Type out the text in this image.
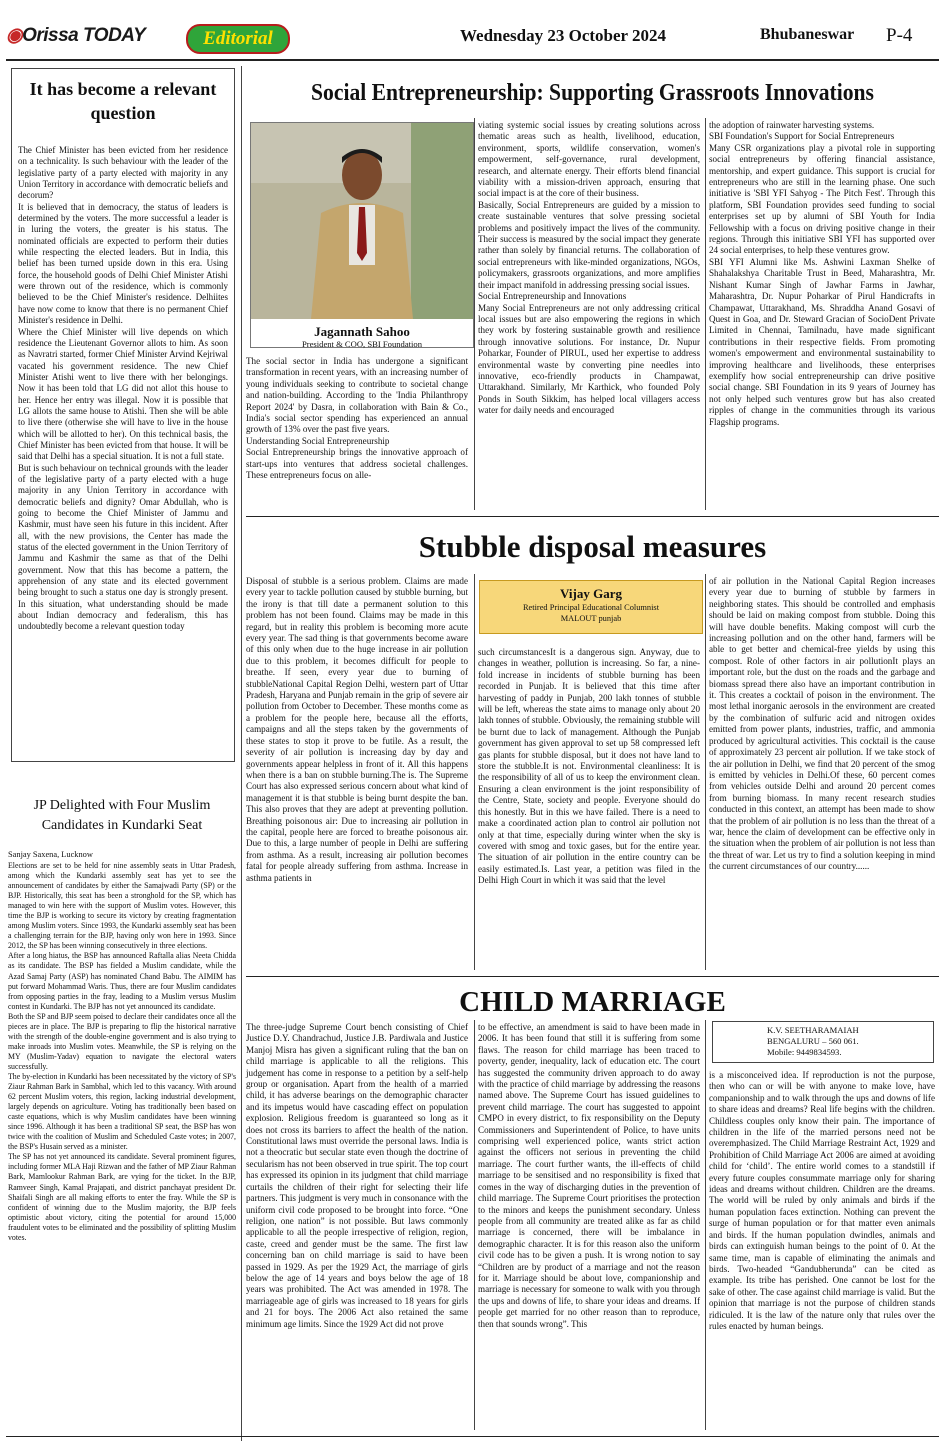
◉Orissa TODAY	Editorial	Wednesday 23 October 2024	Bhubaneswar P-4
It has become a relevant question
The Chief Minister has been evicted from her residence on a technicality. Is such behaviour with the leader of the legislative party of a party elected with majority in any Union Territory in accordance with democratic beliefs and decorum?
It is believed that in democracy, the status of leaders is determined by the voters. The more successful a leader is in luring the voters, the greater is his status. The nominated officials are expected to perform their duties while respecting the elected leaders. But in India, this belief has been turned upside down in this era. Using force, the household goods of Delhi Chief Minister Atishi were thrown out of the residence, which is commonly believed to be the Chief Minister's residence. Delhiites have now come to know that there is no permanent Chief Minister's residence in Delhi.
Where the Chief Minister will live depends on which residence the Lieutenant Governor allots to him. As soon as Navratri started, former Chief Minister Arvind Kejriwal vacated his government residence. The new Chief Minister Atishi went to live there with her belongings. Now it has been told that LG did not allot this house to her. Hence her entry was illegal. Now it is possible that LG allots the same house to Atishi. Then she will be able to live there (otherwise she will have to live in the house which will be allotted to her). On this technical basis, the Chief Minister has been evicted from that house. It will be said that Delhi has a special situation. It is not a full state.
But is such behaviour on technical grounds with the leader of the legislative party of a party elected with a huge majority in any Union Territory in accordance with democratic beliefs and dignity? Omar Abdullah, who is going to become the Chief Minister of Jammu and Kashmir, must have seen his future in this incident. After all, with the new provisions, the Center has made the status of the elected government in the Union Territory of Jammu and Kashmir the same as that of the Delhi government. Now that this has become a pattern, the apprehension of any state and its elected government being brought to such a status one day is strongly present. In this situation, what understanding should be made about Indian democracy and federalism, this has undoubtedly become a relevant question today
JP Delighted with Four Muslim Candidates in Kundarki Seat
Sanjay Saxena, Lucknow
Elections are set to be held for nine assembly seats in Uttar Pradesh, among which the Kundarki assembly seat has yet to see the announcement of candidates by either the Samajwadi Party (SP) or the BJP. Historically, this seat has been a stronghold for the SP, which has managed to win here with the support of Muslim votes. However, this time the BJP is working to secure its victory by creating fragmentation among Muslim voters. Since 1993, the Kundarki assembly seat has been a challenging terrain for the BJP, having only won here in 1993. Since 2012, the SP has been winning consecutively in three elections.
After a long hiatus, the BSP has announced Raftalla alias Neeta Chidda as its candidate. The BSP has fielded a Muslim candidate, while the Azad Samaj Party (ASP) has nominated Chand Babu. The AIMIM has put forward Mohammad Waris. Thus, there are four Muslim candidates from opposing parties in the fray, leading to a Muslim versus Muslim contest in Kundarki. The BJP has not yet announced its candidate.
Both the SP and BJP seem poised to declare their candidates once all the pieces are in place. The BJP is preparing to flip the historical narrative with the strength of the double-engine government and is also trying to make inroads into Muslim votes. Meanwhile, the SP is relying on the MY (Muslim-Yadav) equation to navigate the electoral waters successfully.
The by-election in Kundarki has been necessitated by the victory of SP's Ziaur Rahman Bark in Sambhal, which led to this vacancy. With around 62 percent Muslim voters, this region, lacking industrial development, largely depends on agriculture. Voting has traditionally been based on caste equations, which is why Muslim candidates have been winning since 1996. Although it has been a traditional SP seat, the BSP has won twice with the coalition of Muslim and Scheduled Caste votes; in 2007, the BSP's Husain served as a minister.
The SP has not yet announced its candidate. Several prominent figures, including former MLA Haji Rizwan and the father of MP Ziaur Rahman Bark, Mamlookur Rahman Bark, are vying for the ticket. In the BJP, Ramveer Singh, Kamal Prajapati, and district panchayat president Dr. Shaifali Singh are all making efforts to enter the fray. While the SP is confident of winning due to the Muslim majority, the BJP feels optimistic about victory, citing the potential for around 15,000 fraudulent votes to be eliminated and the possibility of splitting Muslim votes.
Social Entrepreneurship: Supporting Grassroots Innovations
Jagannath Sahoo
President & COO, SBI Foundation
The social sector in India has undergone a significant transformation in recent years, with an increasing number of young individuals seeking to contribute to societal change and nation-building. According to the 'India Philanthropy Report 2024' by Dasra, in collaboration with Bain & Co., India's social sector spending has experienced an annual growth of 13% over the past five years.
Understanding Social Entrepreneurship
Social Entrepreneurship brings the innovative approach of start-ups into ventures that address societal challenges. These entrepreneurs focus on alle-
viating systemic social issues by creating solutions across thematic areas such as health, livelihood, education, environment, sports, wildlife conservation, women's empowerment, self-governance, rural development, research, and alternate energy. Their efforts blend financial viability with a mission-driven approach, ensuring that social impact is at the core of their business.
Basically, Social Entrepreneurs are guided by a mission to create sustainable ventures that solve pressing societal problems and positively impact the lives of the community. Their success is measured by the social impact they generate rather than solely by financial returns. The collaboration of social entrepreneurs with like-minded organizations, NGOs, policymakers, grassroots organizations, and more amplifies their impact manifold in addressing pressing social issues.
Social Entrepreneurship and Innovations
Many Social Entrepreneurs are not only addressing critical local issues but are also empowering the regions in which they work by fostering sustainable growth and resilience through innovative solutions. For instance, Dr. Nupur Poharkar, Founder of PIRUL, used her expertise to address environmental waste by converting pine needles into innovative, eco-friendly products in Champawat, Uttarakhand. Similarly, Mr Karthick, who founded Poly Ponds in South Sikkim, has helped local villagers access water for daily needs and encouraged
the adoption of rainwater harvesting systems.
SBI Foundation's Support for Social Entrepreneurs
Many CSR organizations play a pivotal role in supporting social entrepreneurs by offering financial assistance, mentorship, and expert guidance. This support is crucial for entrepreneurs who are still in the learning phase. One such initiative is 'SBI YFI Sahyog - The Pitch Fest'. Through this platform, SBI Foundation provides seed funding to social enterprises set up by alumni of SBI Youth for India Fellowship with a focus on driving positive change in their regions. Through this initiative SBI YFI has supported over 24 social enterprises, to help these ventures grow.
SBI YFI Alumni like Ms. Ashwini Laxman Shelke of Shahalakshya Charitable Trust in Beed, Maharashtra, Mr. Nishant Kumar Singh of Jawhar Farms in Jawhar, Maharashtra, Dr. Nupur Poharkar of Pirul Handicrafts in Champawat, Uttarakhand, Ms. Shraddha Anand Gosavi of Quest in Goa, and Dr. Steward Gracian of SocioDent Private Limited in Chennai, Tamilnadu, have made significant contributions in their respective fields. From promoting women's empowerment and environmental sustainability to improving healthcare and livelihoods, these enterprises exemplify how social entrepreneurship can drive positive social change. SBI Foundation in its 9 years of Journey has not only helped such ventures grow but has also created ripples of change in the communities through its various Flagship programs.
Stubble disposal measures
Disposal of stubble is a serious problem. Claims are made every year to tackle pollution caused by stubble burning, but the irony is that till date a permanent solution to this problem has not been found. Claims may be made in this regard, but in reality this problem is becoming more acute every year. The sad thing is that governments become aware of this only when due to the huge increase in air pollution due to this problem, it becomes difficult for people to breathe. If seen, every year due to burning of stubbleNational Capital Region Delhi, western part of Uttar Pradesh, Haryana and Punjab remain in the grip of severe air pollution from October to December. These months come as a problem for the people here, because all the efforts, campaigns and all the steps taken by the governments of these states to stop it prove to be futile. As a result, the severity of air pollution is increasing day by day and governments appear helpless in front of it. All this happens when there is a ban on stubble burning.The is. The Supreme Court has also expressed serious concern about what kind of management it is that stubble is being burnt despite the ban. This also proves that they are adept at preventing pollution. Breathing poisonous air: Due to increasing air pollution in the capital, people here are forced to breathe poisonous air. Due to this, a large number of people in Delhi are suffering from asthma. As a result, increasing air pollution becomes fatal for people already suffering from asthma. Increase in asthma patients in
Vijay Garg
Retired Principal Educational Columnist
MALOUT punjab
such circumstancesIt is a dangerous sign. Anyway, due to changes in weather, pollution is increasing. So far, a nine-fold increase in incidents of stubble burning has been recorded in Punjab. It is believed that this time after harvesting of paddy in Punjab, 200 lakh tonnes of stubble will be left, whereas the state aims to manage only about 20 lakh tonnes of stubble. Obviously, the remaining stubble will be burnt due to lack of management. Although the Punjab government has given approval to set up 58 compressed left gas plants for stubble disposal, but it does not have land to store the stubble.It is not. Environmental cleanliness: It is the responsibility of all of us to keep the environment clean. Ensuring a clean environment is the joint responsibility of the Centre, State, society and people. Everyone should do this honestly. But in this we have failed. There is a need to make a coordinated action plan to control air pollution not only at that time, especially during winter when the sky is covered with smog and toxic gases, but for the entire year. The situation of air pollution in the entire country can be easily estimated.Is. Last year, a petition was filed in the Delhi High Court in which it was said that the level
of air pollution in the National Capital Region increases every year due to burning of stubble by farmers in neighboring states. This should be controlled and emphasis should be laid on making compost from stubble. Doing this will have double benefits. Making compost will curb the increasing pollution and on the other hand, farmers will be able to get better and chemical-free yields by using this compost. Role of other factors in air pollutionIt plays an important role, but the dust on the roads and the garbage and biomass spread there also have an important contribution in it. This creates a cocktail of poison in the environment. The most lethal inorganic aerosols in the environment are created by the combination of sulfuric acid and nitrogen oxides emitted from power plants, industries, traffic, and ammonia produced by agricultural activities. This cocktail is the cause of approximately 23 percent air pollution. If we take stock of the air pollution in Delhi, we find that 20 percent of the smog is emitted by vehicles in Delhi.Of these, 60 percent comes from vehicles outside Delhi and around 20 percent comes from burning biomass. In many recent research studies conducted in this context, an attempt has been made to show that the problem of air pollution is no less than the threat of a war, hence the claim of development can be effective only in the situation when the problem of air pollution is not less than the threat of war. Let us try to find a solution keeping in mind the current circumstances of our country......
CHILD MARRIAGE
The three-judge Supreme Court bench consisting of Chief Justice D.Y. Chandrachud, Justice J.B. Pardiwala and Justice Manjoj Misra has given a significant ruling that the ban on child marriage is applicable to all the religions. This judgement has come in response to a petition by a self-help group or organisation. Apart from the health of a married child, it has adverse bearings on the demographic character and its impetus would have cascading effect on population explosion. Religious freedom is guaranteed so long as it does not cross its barriers to affect the health of the nation. Constitutional laws must override the personal laws. India is not a theocratic but secular state even though the doctrine of secularism has not been observed in true spirit. The top court has expressed its opinion in its judgment that child marriage curtails the children of their right for selecting their life partners. This judgment is very much in consonance with the uniform civil code proposed to be brought into force. “One religion, one nation” is not possible. But laws commonly applicable to all the people irrespective of religion, region, caste, creed and gender must be the same. The first law concerning ban on child marriage is said to have been passed in 1929. As per the 1929 Act, the marriage of girls below the age of 14 years and boys below the age of 18 years was prohibited. The Act was amended in 1978. The marriageable age of girls was increased to 18 years for girls and 21 for boys. The 2006 Act also retained the same minimum age limits. Since the 1929 Act did not prove
to be effective, an amendment is said to have been made in 2006. It has been found that still it is suffering from some flaws. The reason for child marriage has been traced to poverty, gender, inequality, lack of education etc. The court has suggested the community driven approach to do away with the practice of child marriage by addressing the reasons named above. The Supreme Court has issued guidelines to prevent child marriage. The court has suggested to appoint CMPO in every district, to fix responsibility on the Deputy Commissioners and Superintendent of Police, to have units comprising well experienced police, wants strict action against the officers not serious in preventing the child marriage. The court further wants, the ill-effects of child marriage to be sensitised and no responsibility is fixed that comes in the way of discharging duties in the prevention of child marriage. The Supreme Court prioritises the protection to the minors and keeps the punishment secondary. Unless people from all community are treated alike as far as child marriage is concerned, there will be imbalance in demographic character. It is for this reason also the uniform civil code has to be given a push. It is wrong notion to say “Children are by product of a marriage and not the reason for it. Marriage should be about love, companionship and marriage is necessary for someone to walk with you through the ups and downs of life, to share your ideas and dreams. If people get married for no other reason than to reproduce, then that sounds wrong”. This
K.V. SEETHARAMAIAH
BENGALURU – 560 061.
Mobile: 9449834593.
is a misconceived idea. If reproduction is not the purpose, then who can or will be with anyone to make love, have companionship and to walk through the ups and downs of life to share ideas and dreams? Real life begins with the children. Childless couples only know their pain. The importance of children in the life of the married persons need not be overemphasized. The Child Marriage Restraint Act, 1929 and Prohibition of Child Marriage Act 2006 are aimed at avoiding child for ‘child’. The entire world comes to a standstill if every future couples consummate marriage only for sharing ideas and dreams without children. Children are the dreams. The world will be ruled by only animals and birds if the human population faces extinction. Nothing can prevent the surge of human population or for that matter even animals and birds. If the human population dwindles, animals and birds can extinguish human beings to the point of 0. At the same time, man is capable of eliminating the animals and birds. Two-headed “Gandubherunda” can be cited as example. Its tribe has perished. One cannot be lost for the sake of other. The case against child marriage is valid. But the opinion that marriage is not the purpose of children stands ridiculed. It is the law of the nature only that rules over the rules enacted by human beings.
